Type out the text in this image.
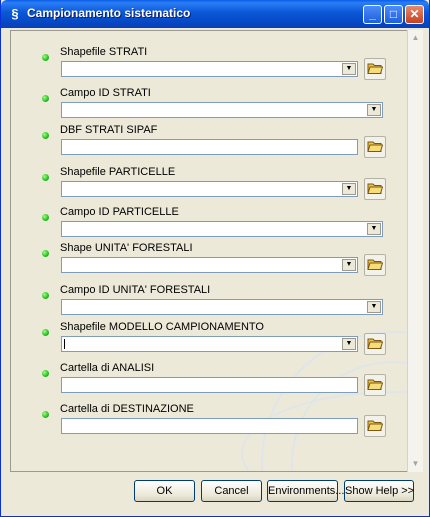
§ Campionamento sistematico	_	□	✕
Shapefile STRATI
▼
Campo ID STRATI
▼
DBF STRATI SIPAF
Shapefile PARTICELLE
▼
Campo ID PARTICELLE
▼
Shape UNITA' FORESTALI
▼
Campo ID UNITA' FORESTALI
▼
Shapefile MODELLO CAMPIONAMENTO
▼
Cartella di ANALISI
Cartella di DESTINAZIONE
▲
▼
OK	Cancel	Environments... Show Help >>
